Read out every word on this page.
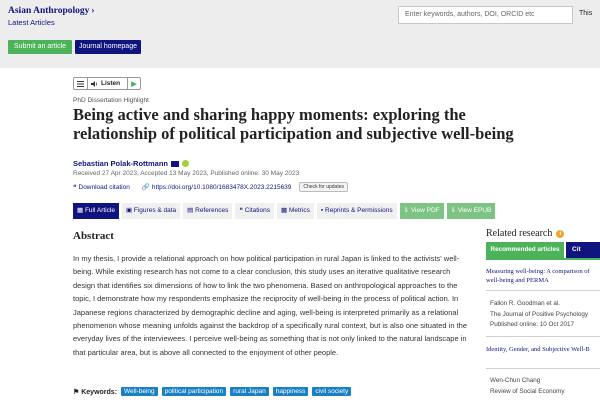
Asian Anthropology ›
Latest Articles
Enter keywords, authors, DOI, ORCID etc	This
Submit an article	Journal homepage
Listen	▶
PhD Dissertation Highlight
Being active and sharing happy moments: exploring the relationship of political participation and subjective well-being
Sebastian Polak-Rottmann
Received 27 Apr 2023, Accepted 13 May 2023, Published online: 30 May 2023
❝ Download citation 🔗 https://doi.org/10.1080/1683478X.2023.2215639	Check for updates
▦ Full Article	▣ Figures & data	▤ References	❝ Citations	▩ Metrics	▪ Reprints & Permissions	⇓ View PDF	⇓ View EPUB
Abstract

In my thesis, I provide a relational approach on how political participation in rural Japan is linked to the activists' well-being. While existing research has not come to a clear conclusion, this study uses an iterative qualitative research design that identifies six dimensions of how to link the two phenomena. Based on anthropological approaches to the topic, I demonstrate how my respondents emphasize the reciprocity of well-being in the process of political action. In Japanese regions characterized by demographic decline and aging, well-being is interpreted primarily as a relational phenomenon whose meaning unfolds against the backdrop of a specifically rural context, but is also one situated in the everyday lives of the interviewees. I perceive well-being as something that is not only linked to the natural landscape in that particular area, but is above all connected to the enjoyment of other people.

⚑ Keywords:	Well-being	political participation	rural Japan	happiness	civil society
Related research	i
Recommended articles	Cit
Measuring well-being: A comparison of
well-being and PERMA
Fallon R. Goodman et al.
The Journal of Positive Psychology
Published online: 10 Oct 2017
Identity, Gender, and Subjective Well-B
Wen-Chun Chang
Review of Social Economy
